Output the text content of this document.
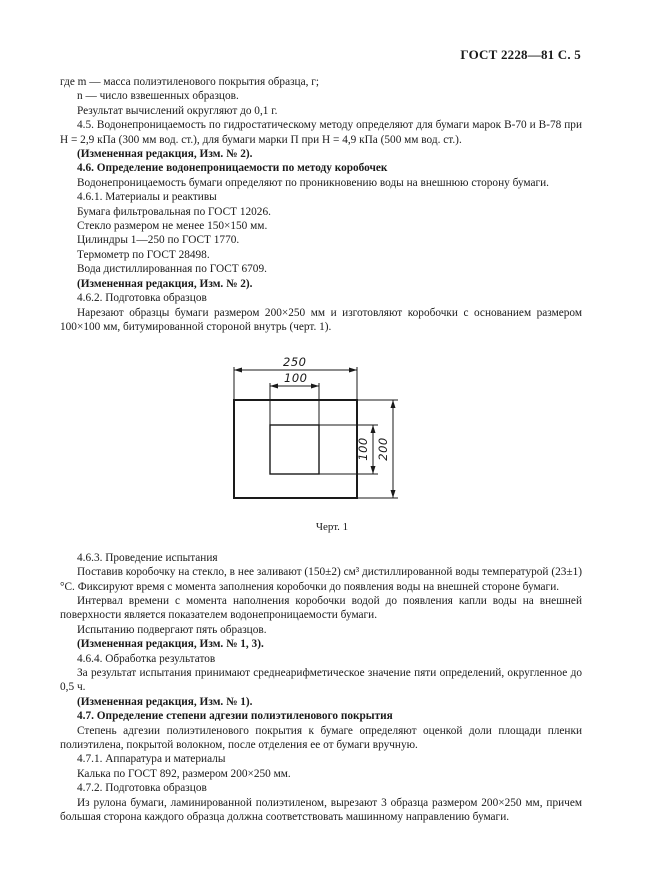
ГОСТ 2228—81 С. 5

где m — масса полиэтиленового покрытия образца, г;

n — число взвешенных образцов.

Результат вычислений округляют до 0,1 г.

4.5. Водонепроницаемость по гидростатическому методу определяют для бумаги марок В-70 и В-78 при H = 2,9 кПа (300 мм вод. ст.), для бумаги марки П при H = 4,9 кПа (500 мм вод. ст.).

(Измененная редакция, Изм. № 2).

4.6. Определение водонепроницаемости по методу коробочек

Водонепроницаемость бумаги определяют по проникновению воды на внешнюю сторону бумаги.

4.6.1. Материалы и реактивы

Бумага фильтровальная по ГОСТ 12026.

Стекло размером не менее 150×150 мм.

Цилиндры 1—250 по ГОСТ 1770.

Термометр по ГОСТ 28498.

Вода дистиллированная по ГОСТ 6709.

(Измененная редакция, Изм. № 2).

4.6.2. Подготовка образцов

Нарезают образцы бумаги размером 200×250 мм и изготовляют коробочки с основанием размером 100×100 мм, битумированной стороной внутрь (черт. 1).

250
100
100 200
Черт. 1

4.6.3. Проведение испытания

Поставив коробочку на стекло, в нее заливают (150±2) см³ дистиллированной воды температурой (23±1) °С. Фиксируют время с момента заполнения коробочки до появления воды на внешней стороне бумаги.

Интервал времени с момента наполнения коробочки водой до появления капли воды на внешней поверхности является показателем водонепроницаемости бумаги.

Испытанию подвергают пять образцов.

(Измененная редакция, Изм. № 1, 3).

4.6.4. Обработка результатов

За результат испытания принимают среднеарифметическое значение пяти определений, округленное до 0,5 ч.

(Измененная редакция, Изм. № 1).

4.7. Определение степени адгезии полиэтиленового покрытия

Степень адгезии полиэтиленового покрытия к бумаге определяют оценкой доли площади пленки полиэтилена, покрытой волокном, после отделения ее от бумаги вручную.

4.7.1. Аппаратура и материалы

Калька по ГОСТ 892, размером 200×250 мм.

4.7.2. Подготовка образцов

Из рулона бумаги, ламинированной полиэтиленом, вырезают 3 образца размером 200×250 мм, причем большая сторона каждого образца должна соответствовать машинному направлению бумаги.
